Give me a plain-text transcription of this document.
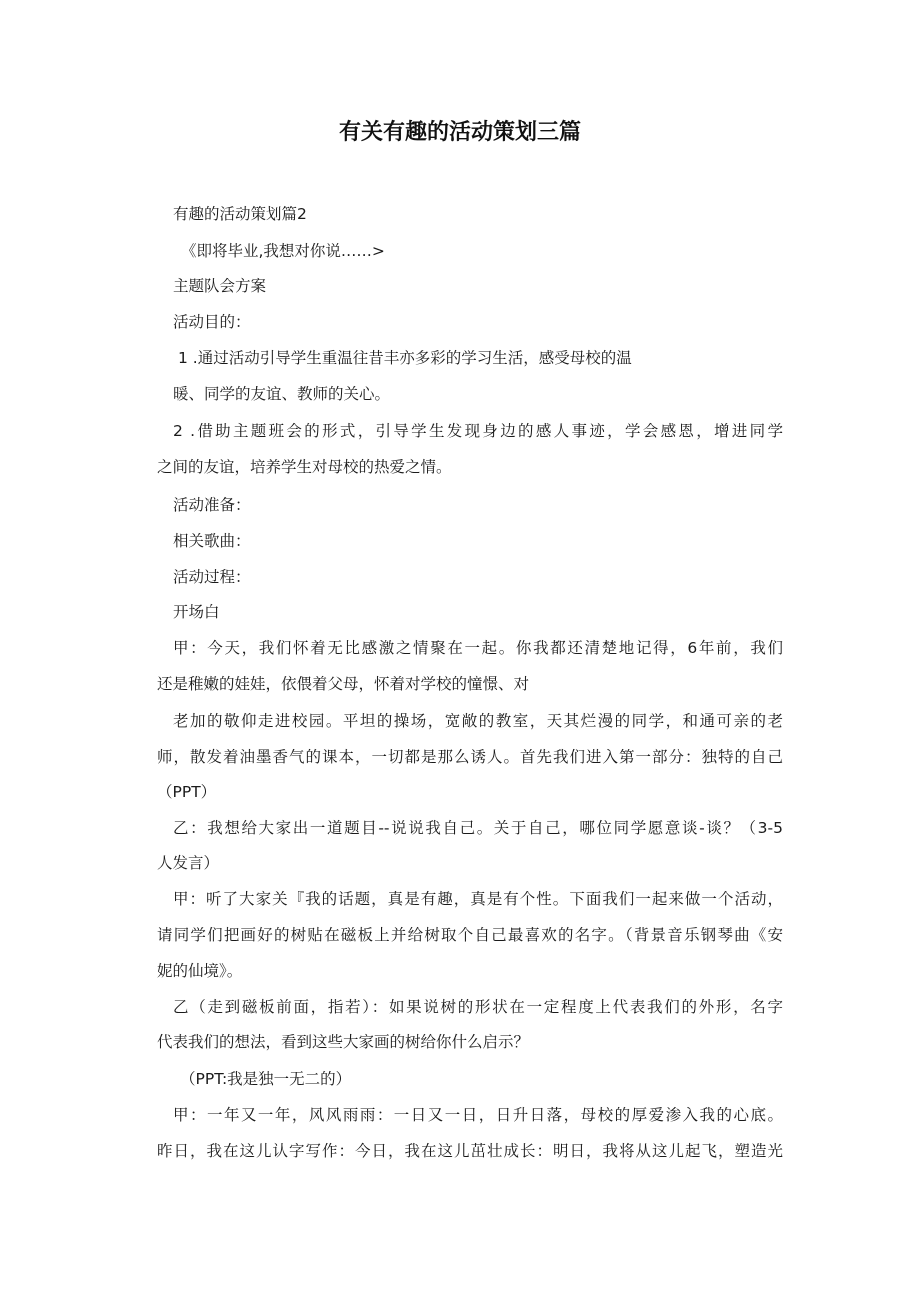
有关有趣的活动策划三篇
有趣的活动策划篇2
《即将毕业,我想对你说……>
主题队会方案
活动目的：
1 .通过活动引导学生重温往昔丰亦多彩的学习生活，感受母校的温
暖、同学的友谊、教师的关心。
2 .借助主题班会的形式，引导学生发现身边的感人事迹，学会感恩，增进同学
之间的友谊，培养学生对母校的热爱之情。
活动准备：
相关歌曲：
活动过程：
开场白
甲：今天，我们怀着无比感激之情聚在一起。你我都还清楚地记得，6年前，我们
还是稚嫩的娃娃，依偎着父母，怀着对学校的憧憬、对
老加的敬仰走进校园。平坦的操场，宽敞的教室，天其烂漫的同学，和通可亲的老
师，散发着油墨香气的课本，一切都是那么诱人。首先我们进入第一部分：独特的自己
（PPT）
乙：我想给大家出一道题目--说说我自己。关于自己，哪位同学愿意谈-谈？（3-5
人发言）
甲：听了大家关『我的话题，真是有趣，真是有个性。下面我们一起来做一个活动，
请同学们把画好的树贴在磁板上并给树取个自己最喜欢的名字。（背景音乐钢琴曲《安
妮的仙境》。
乙（走到磁板前面，指若）：如果说树的形状在一定程度上代表我们的外形，名字
代表我们的想法，看到这些大家画的树给你什么启示？
（PPT:我是独一无二的）
甲：一年又一年，风风雨雨：一日又一日，日升日落，母校的厚爱渗入我的心底。
昨日，我在这儿认字写作：今日，我在这儿茁壮成长：明日，我将从这儿起飞，塑造光
